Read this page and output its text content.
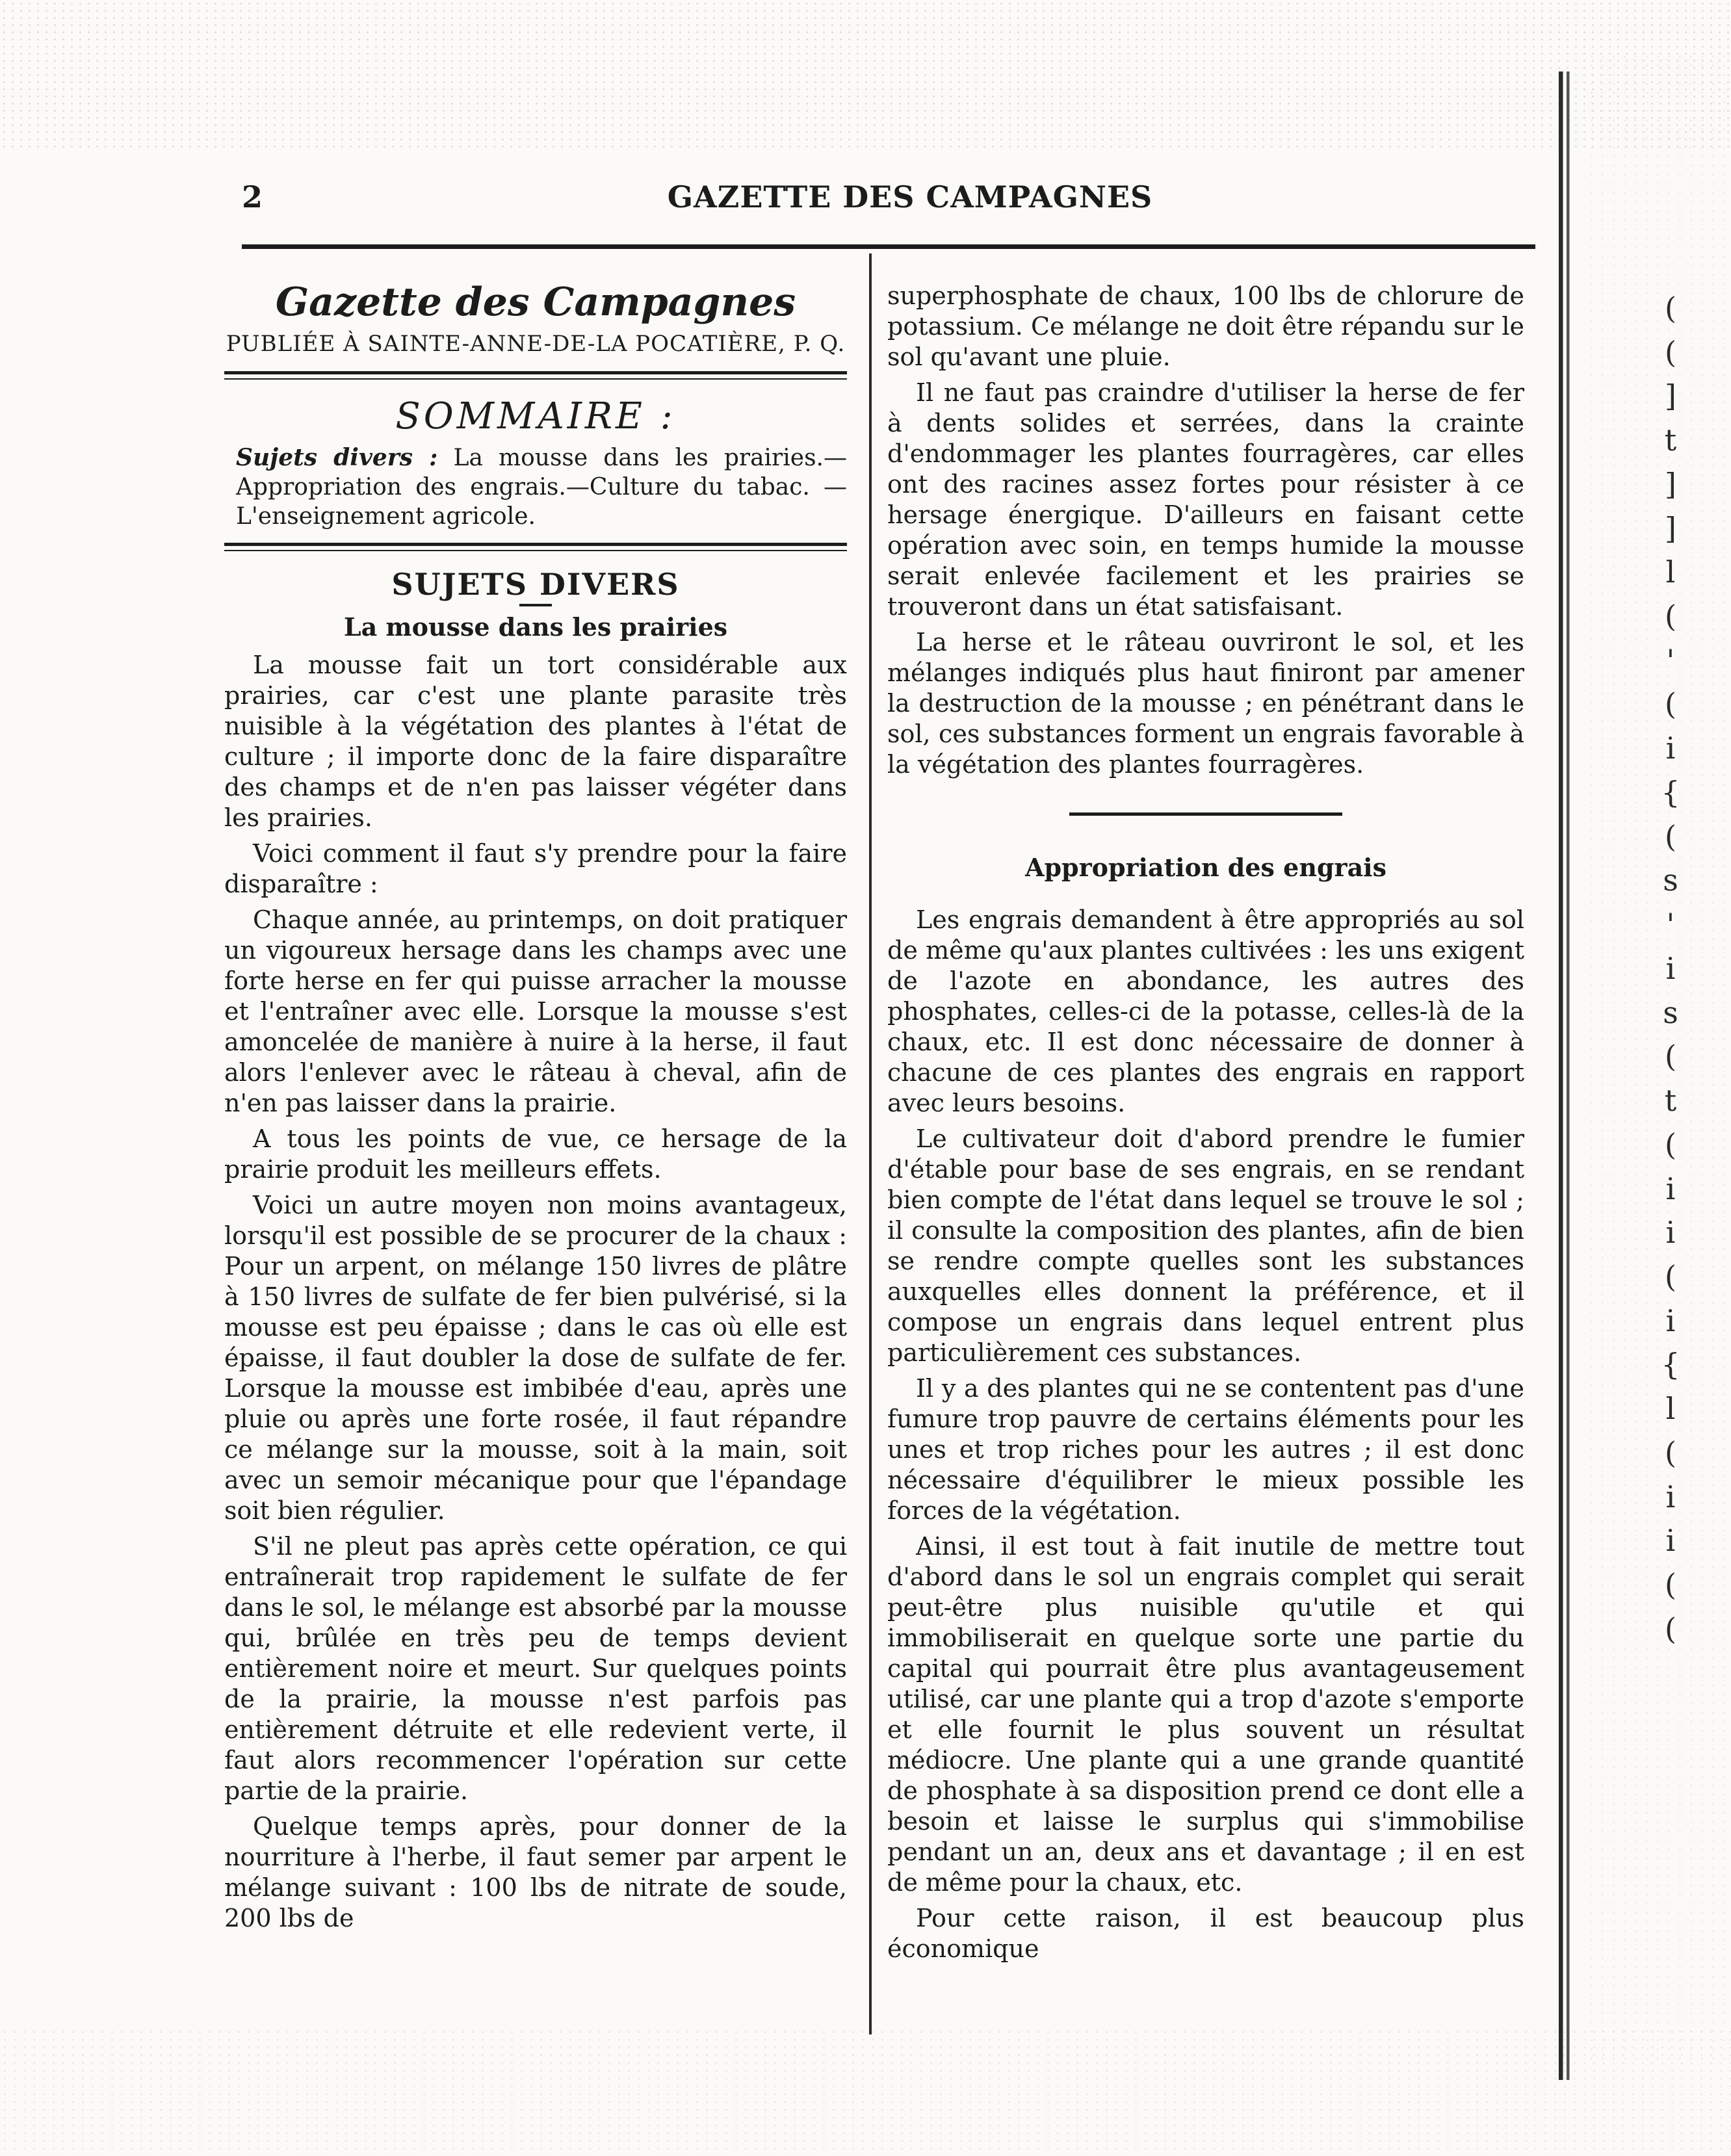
(
(
]
t
]
]
l
(
'
(
i
{
(
s
'
i
s
(
t
(
i
i
(
i
{
l
(
i
i
(
(
2	GAZETTE DES CAMPAGNES
Gazette des Campagnes
PUBLIÉE À SAINTE-ANNE-DE-LA POCATIÈRE, P. Q.
SOMMAIRE :
Sujets divers : La mousse dans les prairies.—Appropriation des engrais.—Culture du tabac. — L'enseignement agricole.
SUJETS DIVERS
La mousse dans les prairies

La mousse fait un tort considérable aux prairies, car c'est une plante parasite très nuisible à la végétation des plantes à l'état de culture ; il importe donc de la faire disparaître des champs et de n'en pas laisser végéter dans les prairies.

Voici comment il faut s'y prendre pour la faire disparaître :

Chaque année, au printemps, on doit pratiquer un vigoureux hersage dans les champs avec une forte herse en fer qui puisse arracher la mousse et l'entraîner avec elle. Lorsque la mousse s'est amoncelée de manière à nuire à la herse, il faut alors l'enlever avec le râteau à cheval, afin de n'en pas laisser dans la prairie.

A tous les points de vue, ce hersage de la prairie produit les meilleurs effets.

Voici un autre moyen non moins avantageux, lorsqu'il est possible de se procurer de la chaux : Pour un arpent, on mélange 150 livres de plâtre à 150 livres de sulfate de fer bien pulvérisé, si la mousse est peu épaisse ; dans le cas où elle est épaisse, il faut doubler la dose de sulfate de fer. Lorsque la mousse est imbibée d'eau, après une pluie ou après une forte rosée, il faut répandre ce mélange sur la mousse, soit à la main, soit avec un semoir mécanique pour que l'épandage soit bien régulier.

S'il ne pleut pas après cette opération, ce qui entraînerait trop rapidement le sulfate de fer dans le sol, le mélange est absorbé par la mousse qui, brûlée en très peu de temps devient entièrement noire et meurt. Sur quelques points de la prairie, la mousse n'est parfois pas entièrement détruite et elle redevient verte, il faut alors recommencer l'opération sur cette partie de la prairie.

Quelque temps après, pour donner de la nourriture à l'herbe, il faut semer par arpent le mélange suivant : 100 lbs de nitrate de soude, 200 lbs de

superphosphate de chaux, 100 lbs de chlorure de potassium. Ce mélange ne doit être répandu sur le sol qu'avant une pluie.

Il ne faut pas craindre d'utiliser la herse de fer à dents solides et serrées, dans la crainte d'endommager les plantes fourragères, car elles ont des racines assez fortes pour résister à ce hersage énergique. D'ailleurs en faisant cette opération avec soin, en temps humide la mousse serait enlevée facilement et les prairies se trouveront dans un état satisfaisant.

La herse et le râteau ouvriront le sol, et les mélanges indiqués plus haut finiront par amener la destruction de la mousse ; en pénétrant dans le sol, ces substances forment un engrais favorable à la végétation des plantes fourragères.

Appropriation des engrais

Les engrais demandent à être appropriés au sol de même qu'aux plantes cultivées : les uns exigent de l'azote en abondance, les autres des phosphates, celles-ci de la potasse, celles-là de la chaux, etc. Il est donc nécessaire de donner à chacune de ces plantes des engrais en rapport avec leurs besoins.

Le cultivateur doit d'abord prendre le fumier d'étable pour base de ses engrais, en se rendant bien compte de l'état dans lequel se trouve le sol ; il consulte la composition des plantes, afin de bien se rendre compte quelles sont les substances auxquelles elles donnent la préférence, et il compose un engrais dans lequel entrent plus particulièrement ces substances.

Il y a des plantes qui ne se contentent pas d'une fumure trop pauvre de certains éléments pour les unes et trop riches pour les autres ; il est donc nécessaire d'équilibrer le mieux possible les forces de la végétation.

Ainsi, il est tout à fait inutile de mettre tout d'abord dans le sol un engrais complet qui serait peut-être plus nuisible qu'utile et qui immobiliserait en quelque sorte une partie du capital qui pourrait être plus avantageusement utilisé, car une plante qui a trop d'azote s'emporte et elle fournit le plus souvent un résultat médiocre. Une plante qui a une grande quantité de phosphate à sa disposition prend ce dont elle a besoin et laisse le surplus qui s'immobilise pendant un an, deux ans et davantage ; il en est de même pour la chaux, etc.

Pour cette raison, il est beaucoup plus économique
